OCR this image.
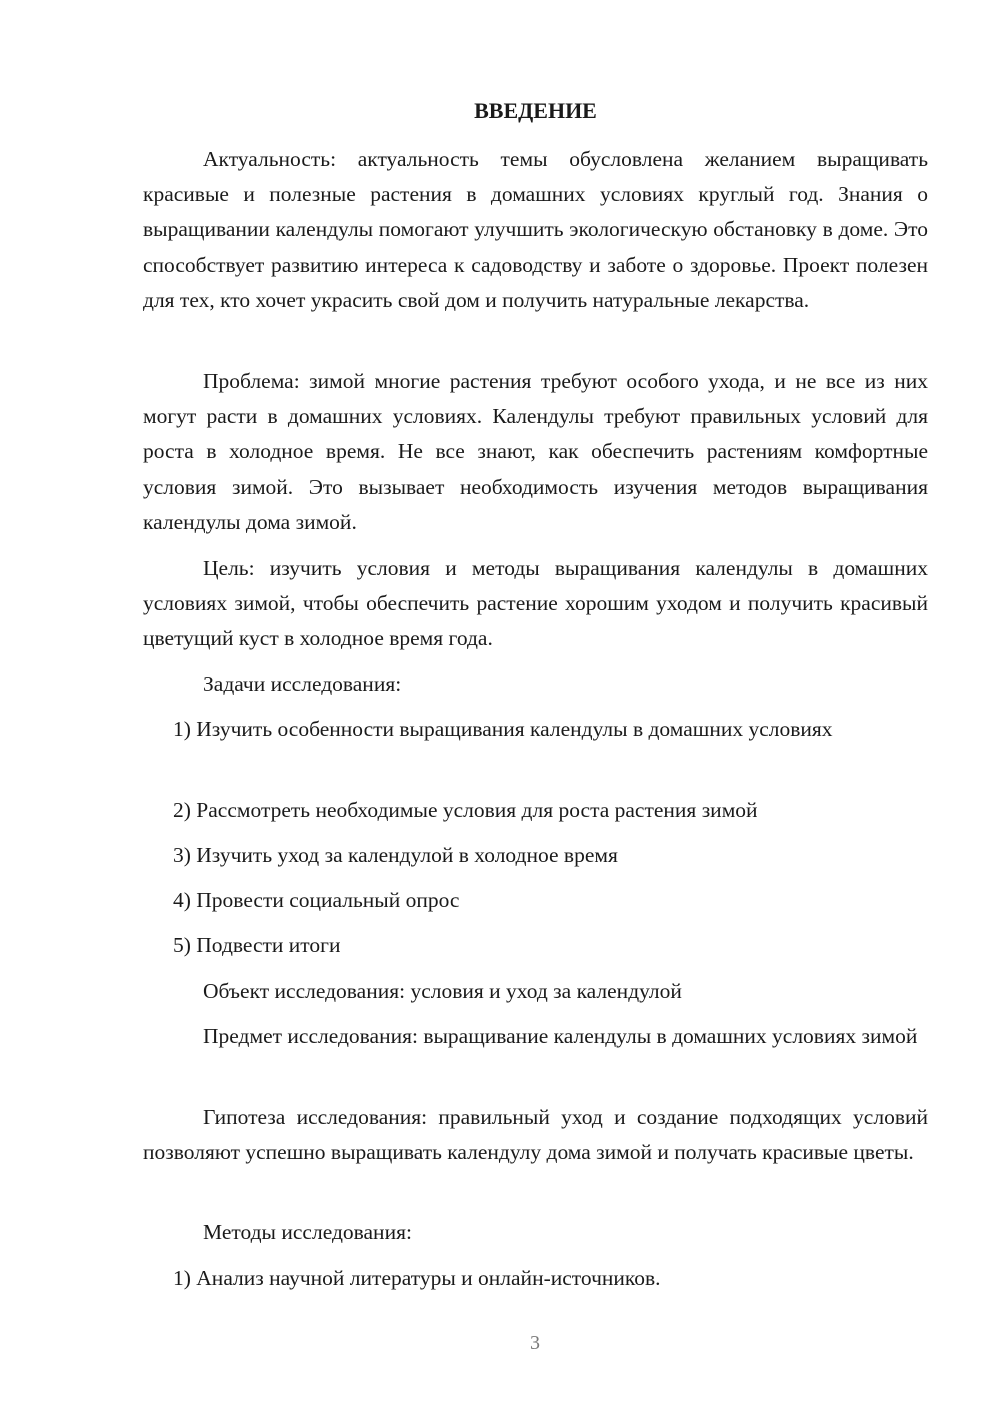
ВВЕДЕНИЕ

Актуальность: актуальность темы обусловлена желанием выращивать красивые и полезные растения в домашних условиях круглый год. Знания о выращивании календулы помогают улучшить экологическую обстановку в доме. Это способствует развитию интереса к садоводству и заботе о здоровье. Проект полезен для тех, кто хочет украсить свой дом и получить натуральные лекарства.

Проблема: зимой многие растения требуют особого ухода, и не все из них могут расти в домашних условиях. Календулы требуют правильных условий для роста в холодное время. Не все знают, как обеспечить растениям комфортные условия зимой. Это вызывает необходимость изучения методов выращивания календулы дома зимой.

Цель: изучить условия и методы выращивания календулы в домашних условиях зимой, чтобы обеспечить растение хорошим уходом и получить красивый цветущий куст в холодное время года.

Задачи исследования:

1) Изучить особенности выращивания календулы в домашних условиях

2) Рассмотреть необходимые условия для роста растения зимой

3) Изучить уход за календулой в холодное время

4) Провести социальный опрос

5) Подвести итоги

Объект исследования: условия и уход за календулой

Предмет исследования: выращивание календулы в домашних условиях зимой

Гипотеза исследования: правильный уход и создание подходящих условий позволяют успешно выращивать календулу дома зимой и получать красивые цветы.

Методы исследования:

1) Анализ научной литературы и онлайн-источников.

3
